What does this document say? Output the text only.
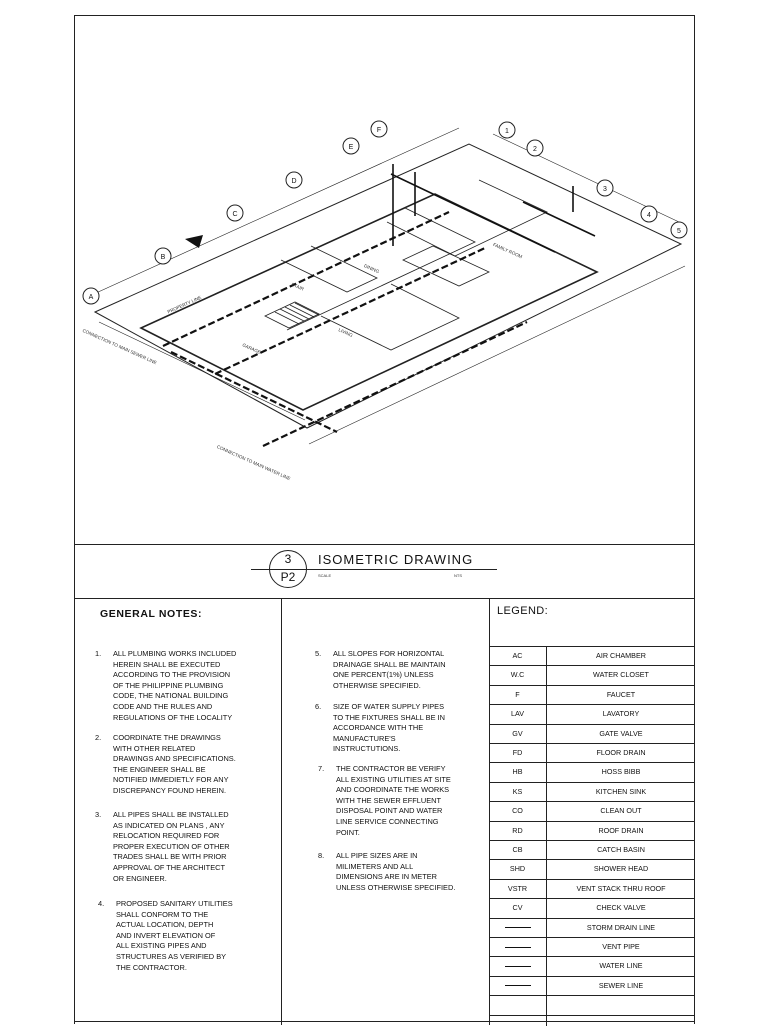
A
B
C
D
E
F	1
2
3
4
5
DINING
FAMILY ROOM
LIVING
STAIR
GARAGE
PROPERTY LINE
CONNECTION TO MAIN SEWER LINE
CONNECTION TO MAIN WATER LINE
3
P2
ISOMETRIC DRAWING
SCALE	NTS
GENERAL NOTES:
1.	ALL PLUMBING WORKS INCLUDED
HEREIN SHALL BE EXECUTED
ACCORDING TO THE PROVISION
OF THE PHILIPPINE PLUMBING
CODE, THE NATIONAL BUILDING
CODE AND THE RULES AND
REGULATIONS OF THE LOCALITY
2.	COORDINATE THE DRAWINGS
WITH OTHER RELATED
DRAWINGS AND SPECIFICATIONS.
THE ENGINEER SHALL BE
NOTIFIED IMMEDIETLY FOR ANY
DISCREPANCY FOUND HEREIN.
3.	ALL PIPES SHALL BE INSTALLED
AS INDICATED ON PLANS , ANY
RELOCATION REQUIRED FOR
PROPER EXECUTION OF OTHER
TRADES SHALL BE WITH PRIOR
APPROVAL OF THE ARCHITECT
OR ENGINEER.
4.	PROPOSED SANITARY UTILITIES
SHALL CONFORM TO THE
ACTUAL LOCATION, DEPTH
AND INVERT ELEVATION OF
ALL EXISTING PIPES AND
STRUCTURES AS VERIFIED BY
THE CONTRACTOR.
5.	ALL SLOPES FOR HORIZONTAL
DRAINAGE SHALL BE MAINTAIN
ONE PERCENT(1%) UNLESS
OTHERWISE SPECIFIED.
6.	SIZE OF WATER SUPPLY PIPES
TO THE FIXTURES SHALL BE IN
ACCORDANCE WITH THE
MANUFACTURE'S
INSTRUCTUTIONS.
7.	THE CONTRACTOR BE VERIFY
ALL EXISTING UTILITIES AT SITE
AND COORDINATE THE WORKS
WITH THE SEWER EFFLUENT
DISPOSAL POINT AND WATER
LINE SERVICE CONNECTING
POINT.
8.	ALL PIPE SIZES ARE IN
MILIMETERS AND ALL
DIMENSIONS ARE IN METER
UNLESS OTHERWISE SPECIFIED.
LEGEND:
AC	AIR CHAMBER
W.C	WATER CLOSET
F	FAUCET
LAV	LAVATORY
GV	GATE VALVE
FD	FLOOR DRAIN
HB	HOSS BIBB
KS	KITCHEN SINK
CO	CLEAN OUT
RD	ROOF DRAIN
CB	CATCH BASIN
SHD	SHOWER HEAD
VSTR	VENT STACK THRU ROOF
CV	CHECK VALVE
STORM DRAIN LINE
VENT PIPE
WATER LINE
SEWER LINE
